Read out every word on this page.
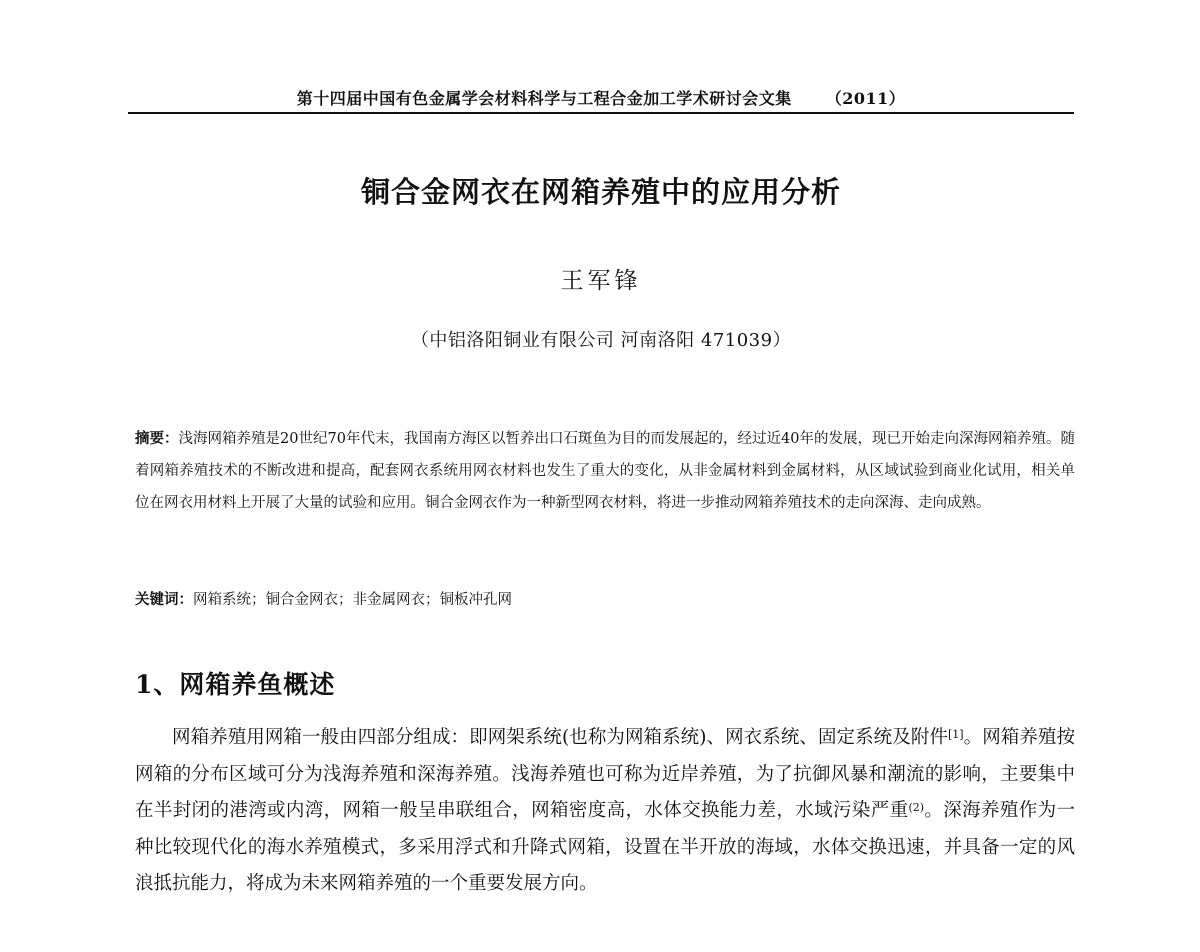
第十四届中国有色金属学会材料科学与工程合金加工学术研讨会文集 （2011）
铜合金网衣在网箱养殖中的应用分析
王军锋
（中铝洛阳铜业有限公司 河南洛阳 471039）
摘要：浅海网箱养殖是20世纪70年代末，我国南方海区以暂养出口石斑鱼为目的而发展起的，经过近40年的发展，现已开始走向深海网箱养殖。随着网箱养殖技术的不断改进和提高，配套网衣系统用网衣材料也发生了重大的变化，从非金属材料到金属材料，从区域试验到商业化试用，相关单位在网衣用材料上开展了大量的试验和应用。铜合金网衣作为一种新型网衣材料，将进一步推动网箱养殖技术的走向深海、走向成熟。
关键词：网箱系统；铜合金网衣；非金属网衣；铜板冲孔网
1、网箱养鱼概述

网箱养殖用网箱一般由四部分组成：即网架系统(也称为网箱系统)、网衣系统、固定系统及附件[1]。网箱养殖按网箱的分布区域可分为浅海养殖和深海养殖。浅海养殖也可称为近岸养殖，为了抗御风暴和潮流的影响，主要集中在半封闭的港湾或内湾，网箱一般呈串联组合，网箱密度高，水体交换能力差，水域污染严重$^{(2)}$。深海养殖作为一种比较现代化的海水养殖模式，多采用浮式和升降式网箱，设置在半开放的海域，水体交换迅速，并具备一定的风浪抵抗能力，将成为未来网箱养殖的一个重要发展方向。
